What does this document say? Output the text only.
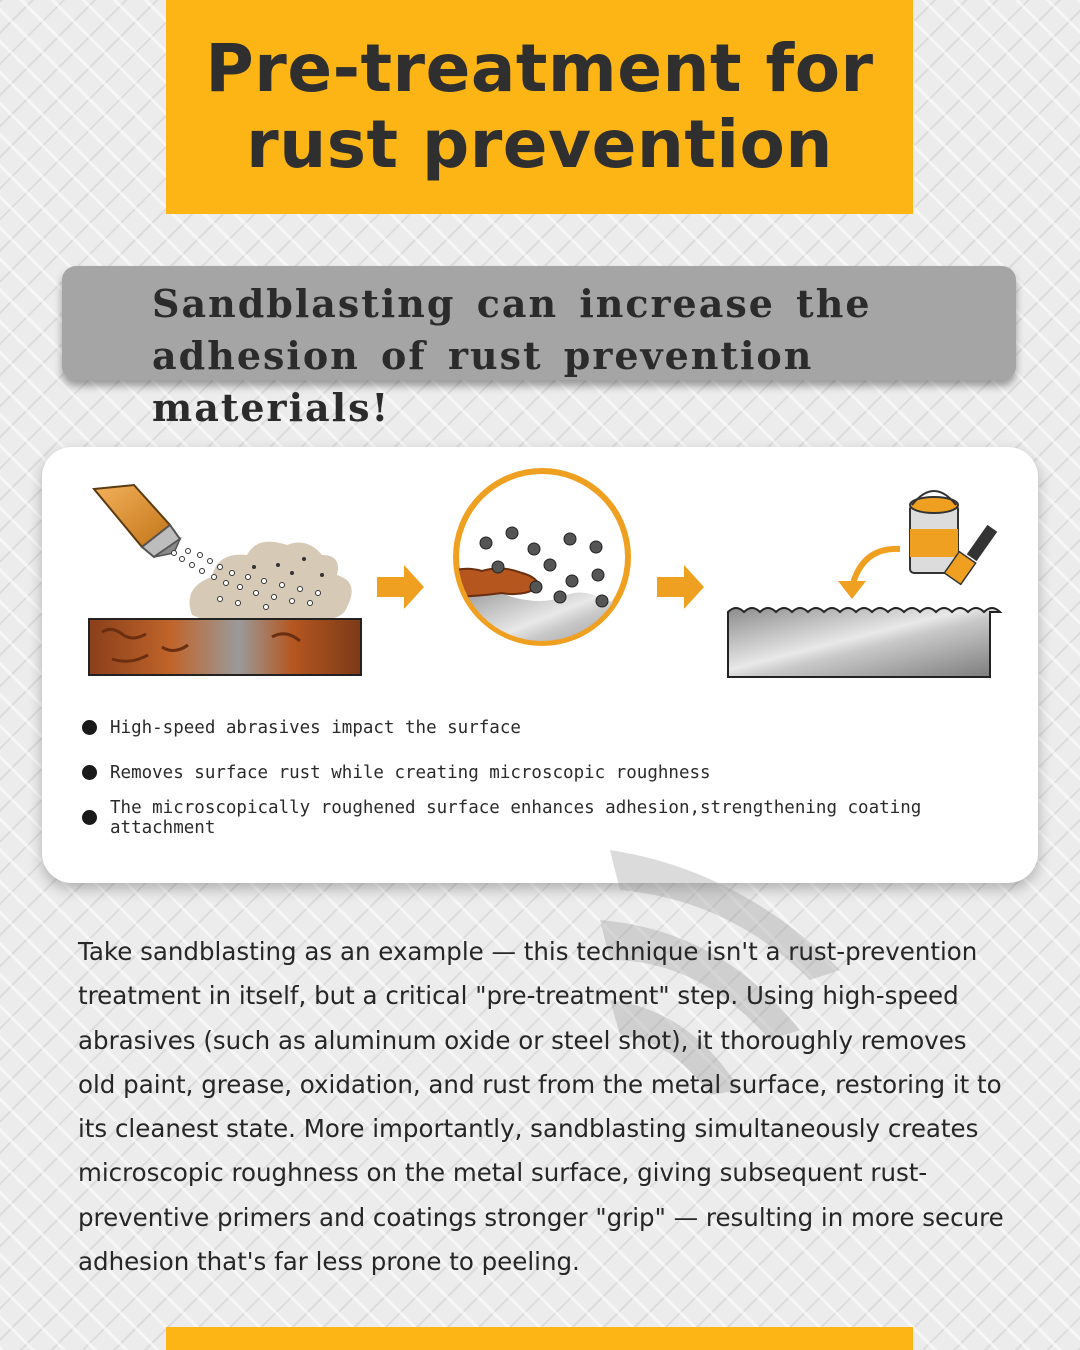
Pre-treatment for
rust prevention
Sandblasting can increase the
adhesion of rust prevention materials!
High-speed abrasives impact the surface
Removes surface rust while creating microscopic roughness
The microscopically roughened surface enhances adhesion,strengthening coating attachment
Take sandblasting as an example — this technique isn't a rust-prevention treatment in itself, but a critical "pre-treatment" step. Using high-speed abrasives (such as aluminum oxide or steel shot), it thoroughly removes old paint, grease, oxidation, and rust from the metal surface, restoring it to its cleanest state. More importantly, sandblasting simultaneously creates microscopic roughness on the metal surface, giving subsequent rust-preventive primers and coatings stronger "grip" — resulting in more secure adhesion that's far less prone to peeling.
